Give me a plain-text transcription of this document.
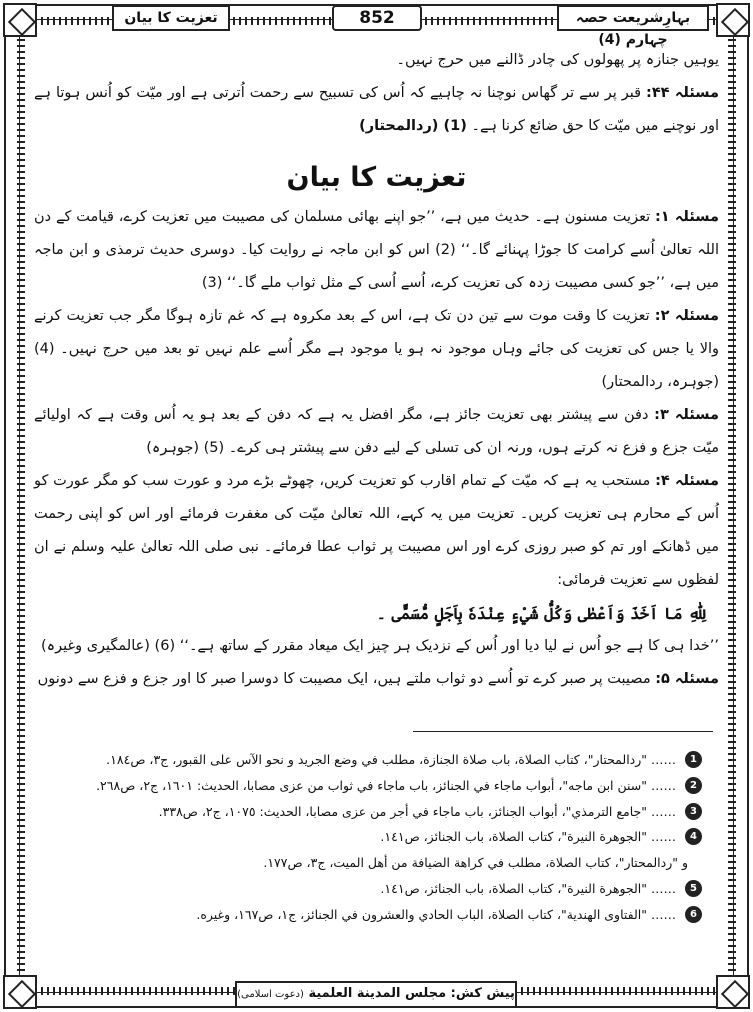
بہارِشریعت حصہ چہارم (4)
852
تعزیت کا بیان

یوہیں جنازہ پر پھولوں کی چادر ڈالنے میں حرج نہیں۔

مسئلہ ۴۴: قبر پر سے تر گھاس نوچنا نہ چاہیے کہ اُس کی تسبیح سے رحمت اُترتی ہے اور میّت کو اُنس ہوتا ہے اور نوچنے میں میّت کا حق ضائع کرنا ہے۔ (1) (ردالمحتار)

تعزیت کا بیان

مسئلہ ۱: تعزیت مسنون ہے۔ حدیث میں ہے، ’’جو اپنے بھائی مسلمان کی مصیبت میں تعزیت کرے، قیامت کے دن اللہ تعالیٰ اُسے کرامت کا جوڑا پہنائے گا۔‘‘ (2) اس کو ابن ماجہ نے روایت کیا۔ دوسری حدیث ترمذی و ابن ماجہ میں ہے، ’’جو کسی مصیبت زدہ کی تعزیت کرے، اُسے اُسی کے مثل ثواب ملے گا۔‘‘ (3)

مسئلہ ۲: تعزیت کا وقت موت سے تین دن تک ہے، اس کے بعد مکروہ ہے کہ غم تازہ ہوگا مگر جب تعزیت کرنے والا یا جس کی تعزیت کی جائے وہاں موجود نہ ہو یا موجود ہے مگر اُسے علم نہیں تو بعد میں حرج نہیں۔ (4) (جوہرہ، ردالمحتار)

مسئلہ ۳: دفن سے پیشتر بھی تعزیت جائز ہے، مگر افضل یہ ہے کہ دفن کے بعد ہو یہ اُس وقت ہے کہ اولیائے میّت جزع و فزع نہ کرتے ہوں، ورنہ ان کی تسلی کے لیے دفن سے پیشتر ہی کرے۔ (5) (جوہرہ)

مسئلہ ۴: مستحب یہ ہے کہ میّت کے تمام اقارب کو تعزیت کریں، چھوٹے بڑے مرد و عورت سب کو مگر عورت کو اُس کے محارم ہی تعزیت کریں۔ تعزیت میں یہ کہے، اللہ تعالیٰ میّت کی مغفرت فرمائے اور اس کو اپنی رحمت میں ڈھانکے اور تم کو صبر روزی کرے اور اس مصیبت پر ثواب عطا فرمائے۔ نبی صلی اللہ تعالیٰ علیہ وسلم نے ان لفظوں سے تعزیت فرمائی:

لِلّٰهِ مَا اَخَذَ وَاَعْطٰى وَكُلُّ شَيْءٍ عِنْدَهٗ بِاَجَلٍ مُّسَمًّى ۔

’’خدا ہی کا ہے جو اُس نے لیا دیا اور اُس کے نزدیک ہر چیز ایک میعاد مقرر کے ساتھ ہے۔‘‘ (6) (عالمگیری وغیرہ)

مسئلہ ۵: مصیبت پر صبر کرے تو اُسے دو ثواب ملتے ہیں، ایک مصیبت کا دوسرا صبر کا اور جزع و فزع سے دونوں

1
…… "ردالمحتار"، كتاب الصلاة، باب صلاة الجنازة، مطلب في وضع الجريد و نحو الآس على القبور، ج٣، ص١٨٤.
2
…… "سنن ابن ماجه"، أبواب ماجاء في الجنائز، باب ماجاء في ثواب من عزى مصابا، الحديث: ١٦٠١، ج٢، ص٢٦٨.
3
…… "جامع الترمذي"، أبواب الجنائز، باب ماجاء في أجر من عزى مصابا، الحديث: ١٠٧٥، ج٢، ص٣٣٨.
4
…… "الجوهرة النيرة"، كتاب الصلاة، باب الجنائز، ص١٤١.
و "ردالمحتار"، كتاب الصلاة، مطلب في كراهة الضيافة من أهل الميت، ج٣، ص١٧٧.
5
…… "الجوهرة النيرة"، كتاب الصلاة، باب الجنائز، ص١٤١.
6
…… "الفتاوى الهندية"، كتاب الصلاة، الباب الحادي والعشرون في الجنائز، ج١، ص١٦٧، وغيره.
پیش کش: مجلس المدينة العلمية (دعوت اسلامی)
